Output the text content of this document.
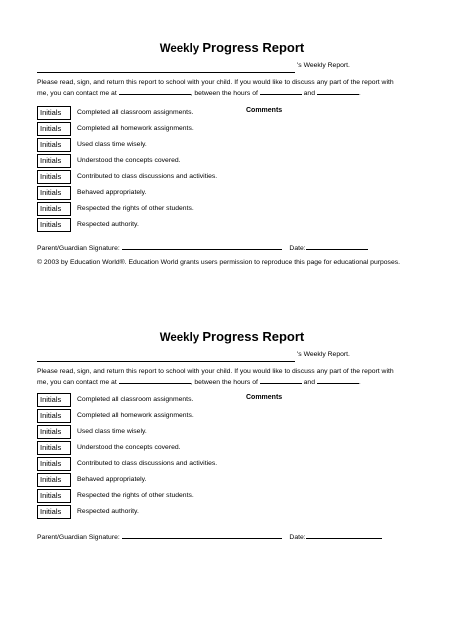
Weekly Progress Report
's Weekly Report.
Please read, sign, and return this report to school with your child. If you would like to discuss any part of the report with
me, you can contact me at	, between the hours of	and	.
Comments
Initials	Completed all classroom assignments.
Initials	Completed all homework assignments.
Initials	Used class time wisely.
Initials	Understood the concepts covered.
Initials	Contributed to class discussions and activities.
Initials	Behaved appropriately.
Initials	Respected the rights of other students.
Initials	Respected authority.
Parent/Guardian Signature:	Date:
© 2003 by Education World®. Education World grants users permission to reproduce this page for educational purposes.
Weekly Progress Report
's Weekly Report.
Please read, sign, and return this report to school with your child. If you would like to discuss any part of the report with
me, you can contact me at	, between the hours of	and	.
Comments
Initials	Completed all classroom assignments.
Initials	Completed all homework assignments.
Initials	Used class time wisely.
Initials	Understood the concepts covered.
Initials	Contributed to class discussions and activities.
Initials	Behaved appropriately.
Initials	Respected the rights of other students.
Initials	Respected authority.
Parent/Guardian Signature:	Date:
